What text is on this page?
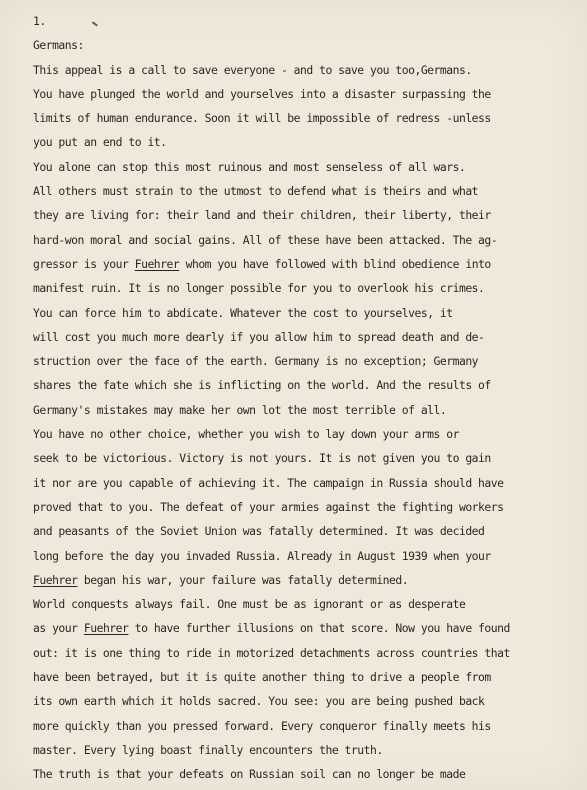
1.
Germans:
This appeal is a call to save everyone - and to save you too,Germans.
You have plunged the world and yourselves into a disaster surpassing the
limits of human endurance. Soon it will be impossible of redress -unless
you put an end to it.
You alone can stop this most ruinous and most senseless of all wars.
All others must strain to the utmost to defend what is theirs and what
they are living for: their land and their children, their liberty, their
hard-won moral and social gains. All of these have been attacked. The ag-
gressor is your Fuehrer whom you have followed with blind obedience into
manifest ruin. It is no longer possible for you to overlook his crimes.
You can force him to abdicate. Whatever the cost to yourselves, it
will cost you much more dearly if you allow him to spread death and de-
struction over the face of the earth. Germany is no exception; Germany
shares the fate which she is inflicting on the world. And the results of
Germany's mistakes may make her own lot the most terrible of all.
You have no other choice, whether you wish to lay down your arms or
seek to be victorious. Victory is not yours. It is not given you to gain
it nor are you capable of achieving it. The campaign in Russia should have
proved that to you. The defeat of your armies against the fighting workers
and peasants of the Soviet Union was fatally determined. It was decided
long before the day you invaded Russia. Already in August 1939 when your
Fuehrer began his war, your failure was fatally determined.
World conquests always fail. One must be as ignorant or as desperate
as your Fuehrer to have further illusions on that score. Now you have found
out: it is one thing to ride in motorized detachments across countries that
have been betrayed, but it is quite another thing to drive a people from
its own earth which it holds sacred. You see: you are being pushed back
more quickly than you pressed forward. Every conqueror finally meets his
master. Every lying boast finally encounters the truth.
The truth is that your defeats on Russian soil can no longer be made
